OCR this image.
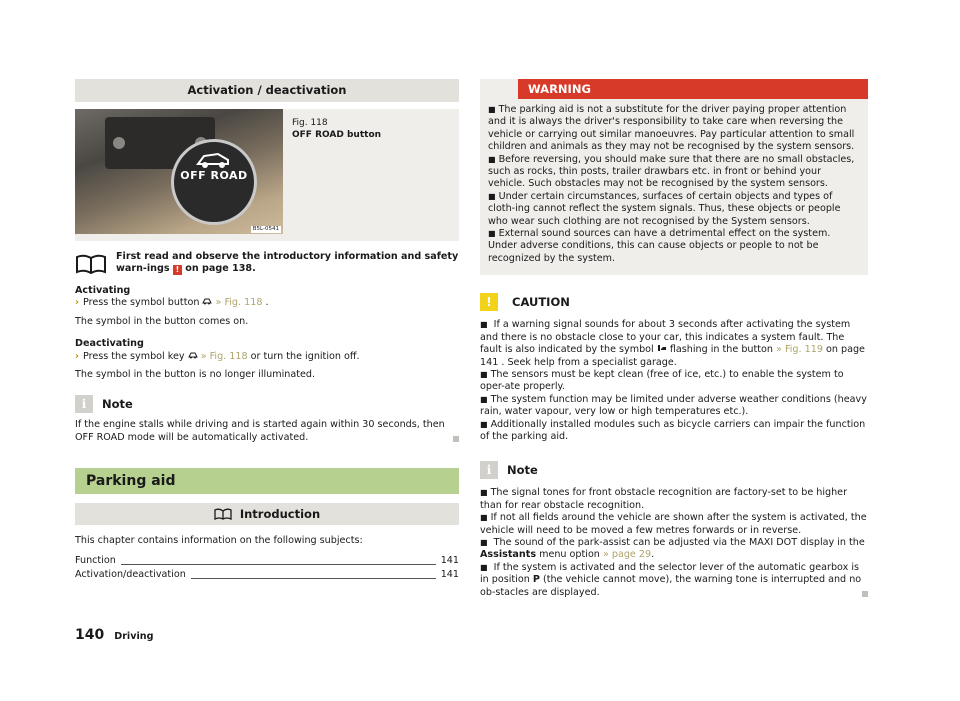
Activation / deactivation
OFF ROAD
B5L-0541
Fig. 118
OFF ROAD button
First read and observe the introductory information and safety warn-ings ! on page 138.
Activating
› Press the symbol button » Fig. 118 .
The symbol in the button comes on.
Deactivating
› Press the symbol key » Fig. 118 or turn the ignition off.
The symbol in the button is no longer illuminated.
i	Note
If the engine stalls while driving and is started again within 30 seconds, then OFF ROAD mode will be automatically activated.
Parking aid
Introduction
This chapter contains information on the following subjects:
Function	141
Activation/deactivation	141
WARNING
■ The parking aid is not a substitute for the driver paying proper attention and it is always the driver's responsibility to take care when reversing the vehicle or carrying out similar manoeuvres. Pay particular attention to small children and animals as they may not be recognised by the system sensors.
■ Before reversing, you should make sure that there are no small obstacles, such as rocks, thin posts, trailer drawbars etc. in front or behind your vehicle. Such obstacles may not be recognised by the system sensors.
■ Under certain circumstances, surfaces of certain objects and types of cloth-ing cannot reflect the system signals. Thus, these objects or people who wear such clothing are not recognised by the System sensors.
■ External sound sources can have a detrimental effect on the system. Under adverse conditions, this can cause objects or people to not be recognized by the system.
!	CAUTION
■ If a warning signal sounds for about 3 seconds after activating the system and there is no obstacle close to your car, this indicates a system fault. The fault is also indicated by the symbol  flashing in the button » Fig. 119 on page 141 . Seek help from a specialist garage.
■ The sensors must be kept clean (free of ice, etc.) to enable the system to oper-ate properly.
■ The system function may be limited under adverse weather conditions (heavy rain, water vapour, very low or high temperatures etc.).
■ Additionally installed modules such as bicycle carriers can impair the function of the parking aid.
i	Note
■ The signal tones for front obstacle recognition are factory-set to be higher than for rear obstacle recognition.
■ If not all fields around the vehicle are shown after the system is activated, the vehicle will need to be moved a few metres forwards or in reverse.
■ The sound of the park-assist can be adjusted via the MAXI DOT display in the Assistants menu option » page 29.
■ If the system is activated and the selector lever of the automatic gearbox is in position P (the vehicle cannot move), the warning tone is interrupted and no ob-stacles are displayed.
140 Driving
